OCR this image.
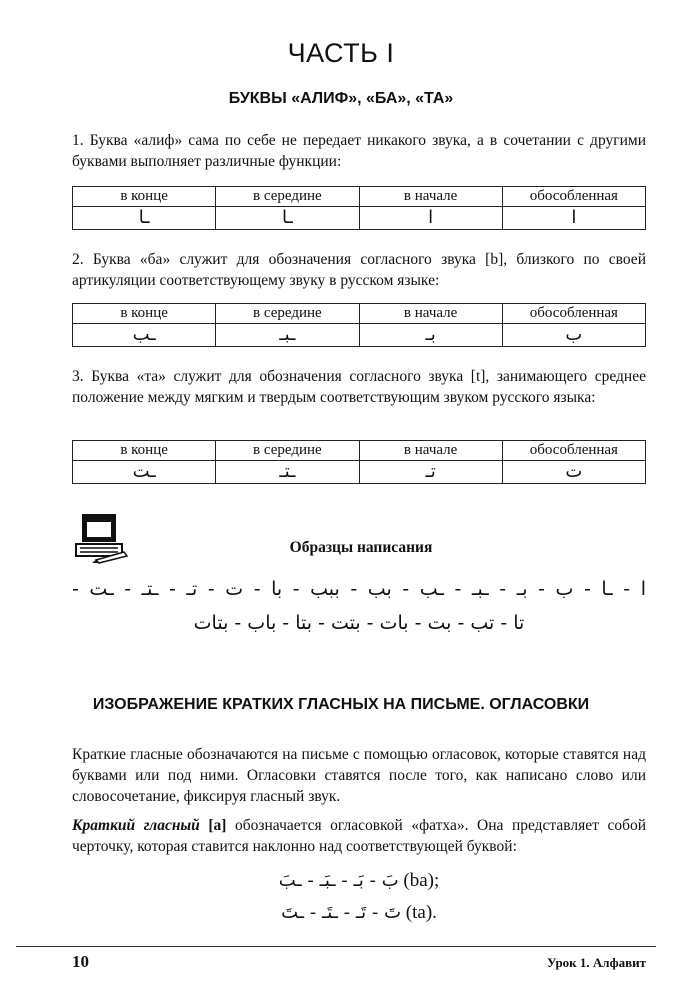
ЧАСТЬ I
БУКВЫ «АЛИФ», «БА», «ТА»

1. Буква «алиф» сама по себе не передает никакого звука, а в сочетании с другими буквами выполняет различные функции:

в конце	в середине	в начале	обособленная
ـا	ـا	ا	ا

2. Буква «ба» служит для обозначения согласного звука [b], близкого по своей артикуляции соответствующему звуку в русском языке:

в конце	в середине	в начале	обособленная
ـب	ـبـ	بـ	ب

3. Буква «та» служит для обозначения согласного звука [t], занимающего среднее положение между мягким и твердым соответствующим звуком русского языка:

в конце	в середине	в начале	обособленная
ـت	ـتـ	تـ	ت
Образцы написания
ا - ـا - ب - بـ - ـبـ - ـب - بب - ببب - با - ت - تـ - ـتـ - ـت -
تا - تب - بت - بات - بتت - بتا - باب - بتات
ИЗОБРАЖЕНИЕ КРАТКИХ ГЛАСНЫХ НА ПИСЬМЕ. ОГЛАСОВКИ

Краткие гласные обозначаются на письме с помощью огласовок, которые ставятся над буквами или под ними. Огласовки ставятся после того, как написано слово или словосочетание, фиксируя гласный звук.

Краткий гласный [a] обозначается огласовкой «фатха». Она представляет собой черточку, которая ставится наклонно над соответствующей буквой:

بَ - بَـ - ـبَـ - ـبَ (ba);
تَ - تَـ - ـتَـ - ـتَ (ta).
10	Урок 1. Алфавит
